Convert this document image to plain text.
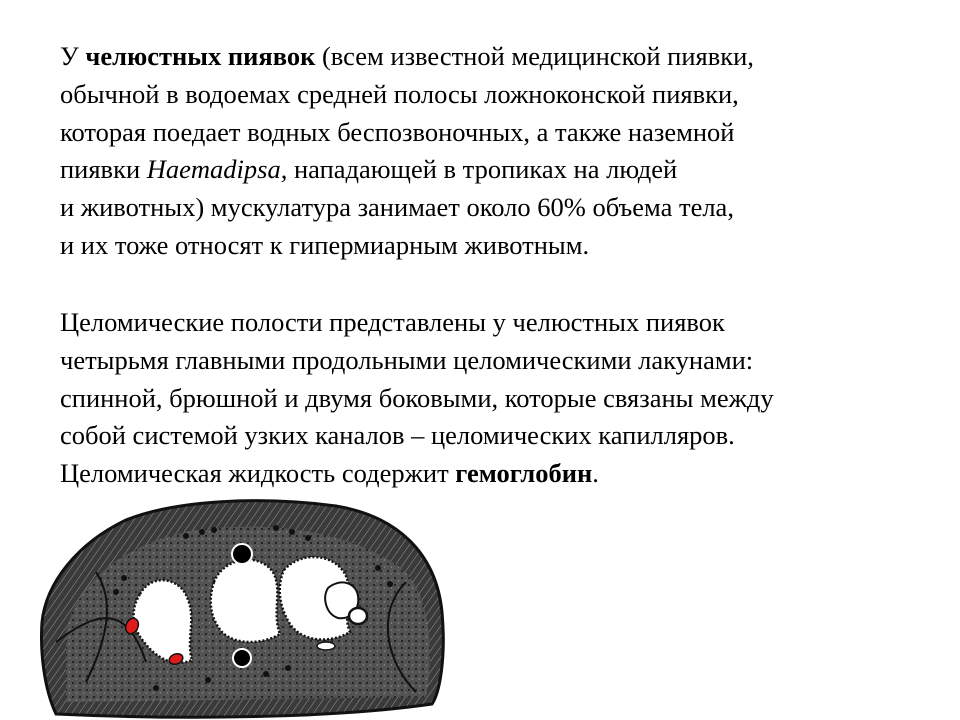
У челюстных пиявок (всем известной медицинской пиявки,
обычной в водоемах средней полосы ложноконской пиявки,
которая поедает водных беспозвоночных, а также наземной
пиявки Haemadipsa, нападающей в тропиках на людей
и животных) мускулатура занимает около 60% объема тела,
и их тоже относят к гипермиарным животным.

Целомические полости представлены у челюстных пиявок
четырьмя главными продольными целомическими лакунами:
спинной, брюшной и двумя боковыми, которые связаны между
собой системой узких каналов – целомических капилляров.
Целомическая жидкость содержит гемоглобин.
